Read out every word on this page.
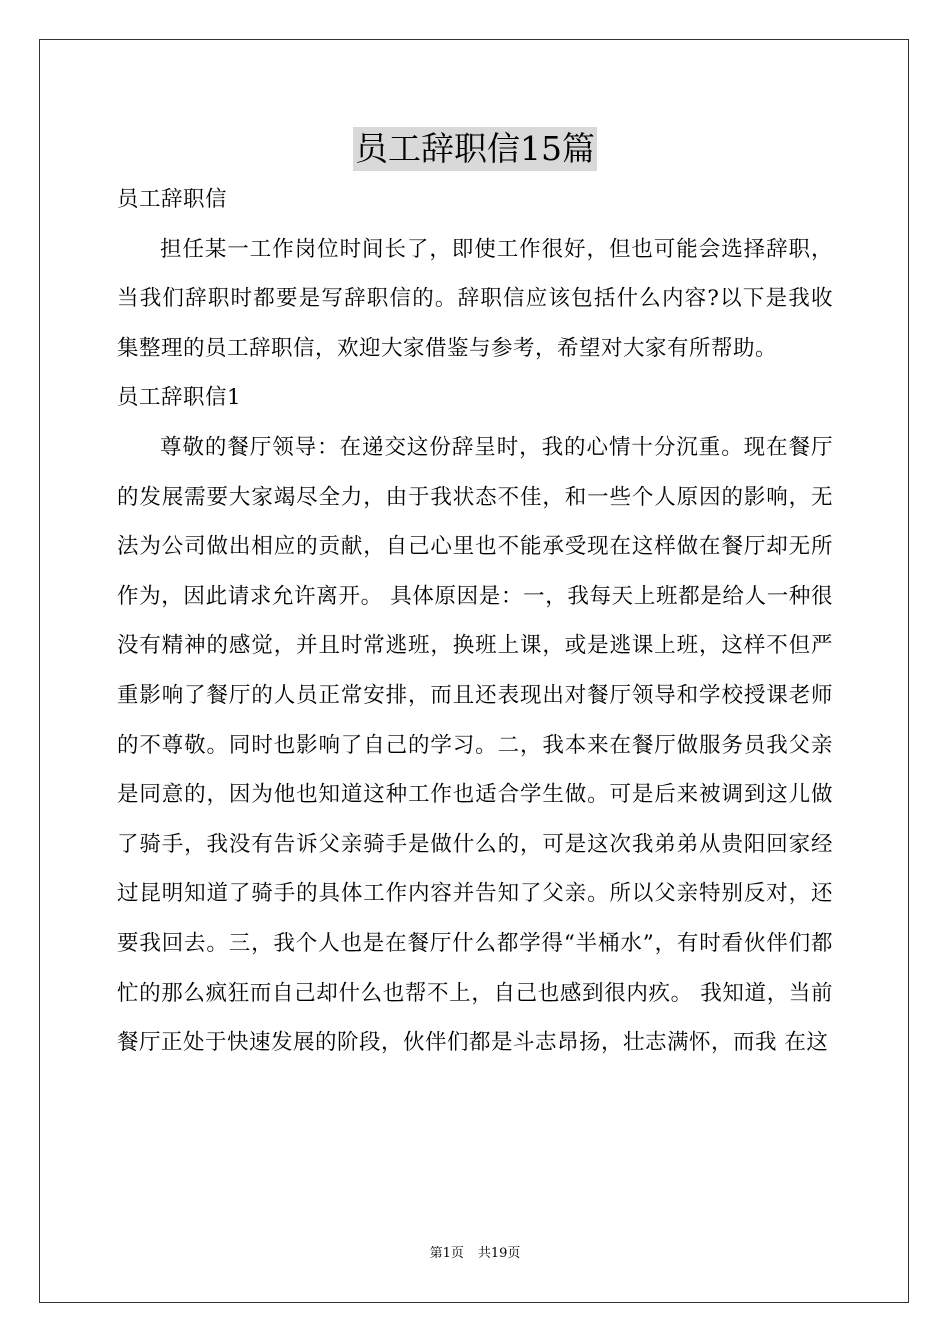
员工辞职信15篇

员工辞职信

担任某一工作岗位时间长了，即使工作很好，但也可能会选择辞职，当我们辞职时都要是写辞职信的。辞职信应该包括什么内容?以下是我收集整理的员工辞职信，欢迎大家借鉴与参考，希望对大家有所帮助。

员工辞职信1

尊敬的餐厅领导：在递交这份辞呈时，我的心情十分沉重。现在餐厅的发展需要大家竭尽全力，由于我状态不佳，和一些个人原因的影响，无法为公司做出相应的贡献，自己心里也不能承受现在这样做在餐厅却无所作为，因此请求允许离开。 具体原因是：一，我每天上班都是给人一种很没有精神的感觉，并且时常逃班，换班上课，或是逃课上班，这样不但严重影响了餐厅的人员正常安排，而且还表现出对餐厅领导和学校授课老师的不尊敬。同时也影响了自己的学习。二，我本来在餐厅做服务员我父亲是同意的，因为他也知道这种工作也适合学生做。可是后来被调到这儿做了骑手，我没有告诉父亲骑手是做什么的，可是这次我弟弟从贵阳回家经过昆明知道了骑手的具体工作内容并告知了父亲。所以父亲特别反对，还要我回去。三，我个人也是在餐厅什么都学得“半桶水”，有时看伙伴们都忙的那么疯狂而自己却什么也帮不上，自己也感到很内疚。 我知道，当前餐厅正处于快速发展的阶段，伙伴们都是斗志昂扬，壮志满怀，而我 在这

第1页 共19页
